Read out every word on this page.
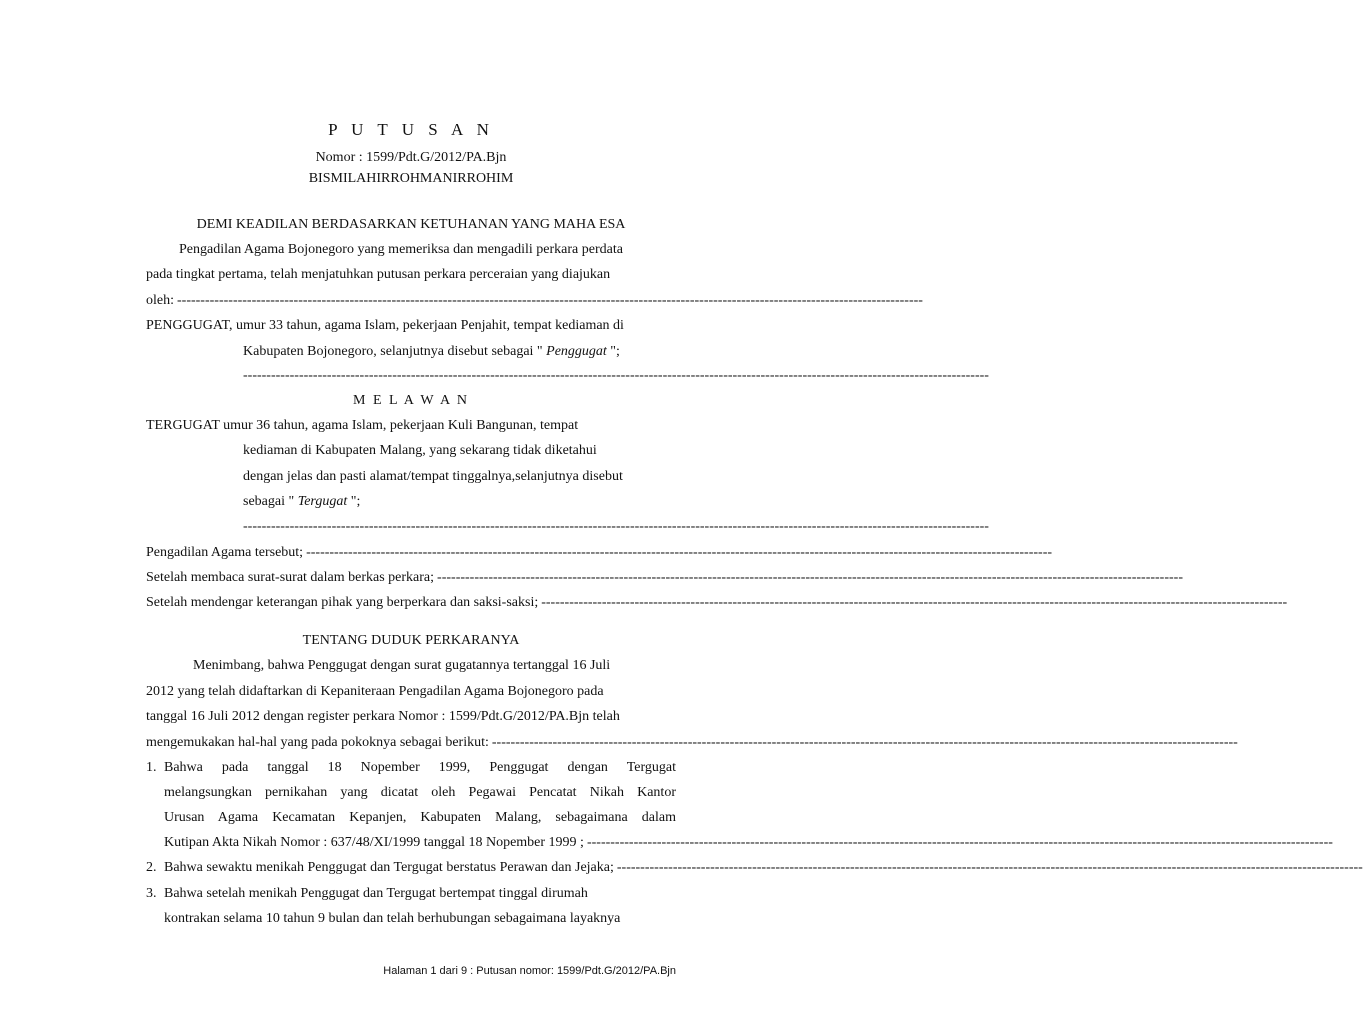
P U T U S A N
Nomor : 1599/Pdt.G/2012/PA.Bjn
BISMILAHIRROHMANIRROHIM
DEMI KEADILAN BERDASARKAN KETUHANAN YANG MAHA ESA
Pengadilan Agama Bojonegoro yang memeriksa dan mengadili perkara perdata
pada tingkat pertama, telah menjatuhkan putusan perkara perceraian yang diajukan
oleh: ----------------------------------------------------------------------------------------------------------------------------------------------------------------
PENGGUGAT, umur 33 tahun, agama Islam, pekerjaan Penjahit, tempat kediaman di
Kabupaten Bojonegoro, selanjutnya disebut sebagai " Penggugat ";
----------------------------------------------------------------------------------------------------------------------------------------------------------------
M E L A W A N
TERGUGAT umur 36 tahun, agama Islam, pekerjaan Kuli Bangunan, tempat
kediaman di Kabupaten Malang, yang sekarang tidak diketahui
dengan jelas dan pasti alamat/tempat tinggalnya,selanjutnya disebut
sebagai " Tergugat ";
----------------------------------------------------------------------------------------------------------------------------------------------------------------
Pengadilan Agama tersebut; ----------------------------------------------------------------------------------------------------------------------------------------------------------------
Setelah membaca surat-surat dalam berkas perkara; ----------------------------------------------------------------------------------------------------------------------------------------------------------------
Setelah mendengar keterangan pihak yang berperkara dan saksi-saksi; ----------------------------------------------------------------------------------------------------------------------------------------------------------------
TENTANG DUDUK PERKARANYA
Menimbang, bahwa Penggugat dengan surat gugatannya tertanggal 16 Juli
2012 yang telah didaftarkan di Kepaniteraan Pengadilan Agama Bojonegoro pada
tanggal 16 Juli 2012 dengan register perkara Nomor : 1599/Pdt.G/2012/PA.Bjn telah
mengemukakan hal-hal yang pada pokoknya sebagai berikut: ----------------------------------------------------------------------------------------------------------------------------------------------------------------
1. Bahwa pada tanggal 18 Nopember 1999, Penggugat dengan Tergugat
melangsungkan pernikahan yang dicatat oleh Pegawai Pencatat Nikah Kantor
Urusan Agama Kecamatan Kepanjen, Kabupaten Malang, sebagaimana dalam
Kutipan Akta Nikah Nomor : 637/48/XI/1999 tanggal 18 Nopember 1999 ; ----------------------------------------------------------------------------------------------------------------------------------------------------------------
2. Bahwa sewaktu menikah Penggugat dan Tergugat berstatus Perawan dan Jejaka; ----------------------------------------------------------------------------------------------------------------------------------------------------------------
3. Bahwa setelah menikah Penggugat dan Tergugat bertempat tinggal dirumah
kontrakan selama 10 tahun 9 bulan dan telah berhubungan sebagaimana layaknya
Halaman 1 dari 9 : Putusan nomor: 1599/Pdt.G/2012/PA.Bjn
